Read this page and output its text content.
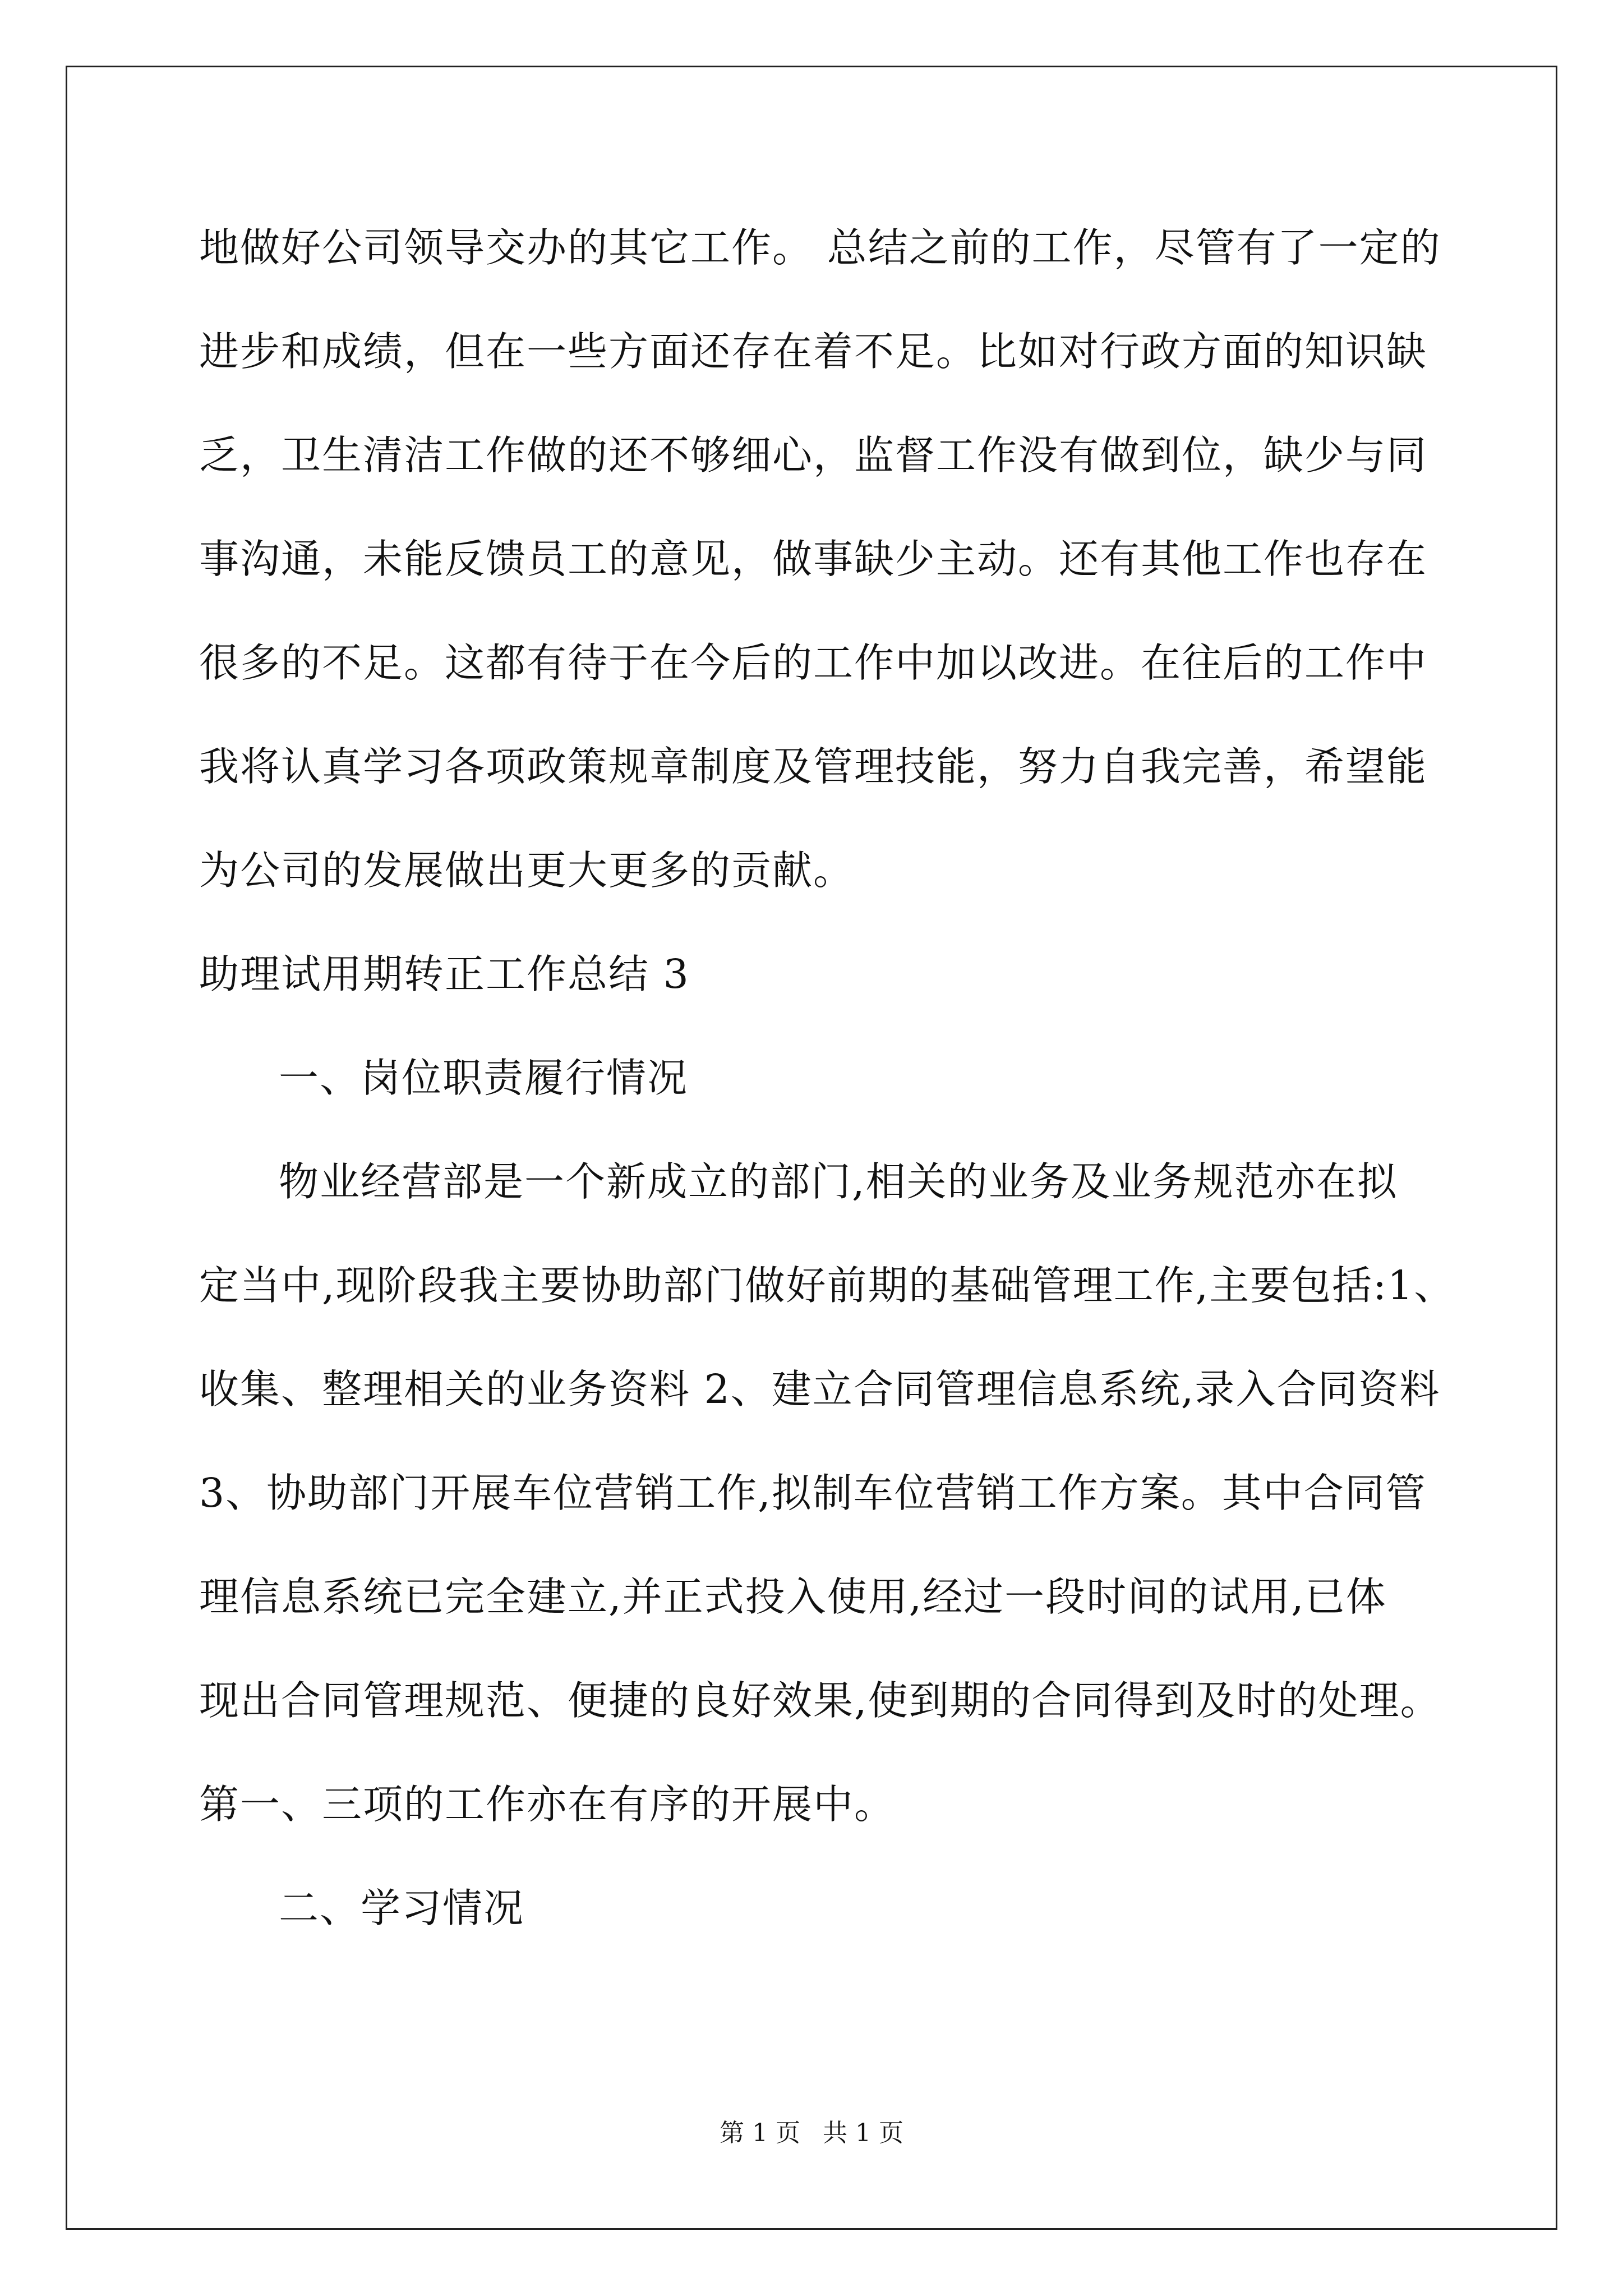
地做好公司领导交办的其它工作。 总结之前的工作，尽管有了一定的
进步和成绩，但在一些方面还存在着不足。比如对行政方面的知识缺
乏，卫生清洁工作做的还不够细心，监督工作没有做到位，缺少与同
事沟通，未能反馈员工的意见，做事缺少主动。还有其他工作也存在
很多的不足。这都有待于在今后的工作中加以改进。在往后的工作中
我将认真学习各项政策规章制度及管理技能，努力自我完善，希望能
为公司的发展做出更大更多的贡献。
助理试用期转正工作总结 3
一、岗位职责履行情况
物业经营部是一个新成立的部门,相关的业务及业务规范亦在拟
定当中,现阶段我主要协助部门做好前期的基础管理工作,主要包括:1、
收集、整理相关的业务资料 2、建立合同管理信息系统,录入合同资料
3、协助部门开展车位营销工作,拟制车位营销工作方案。其中合同管
理信息系统已完全建立,并正式投入使用,经过一段时间的试用,已体
现出合同管理规范、便捷的良好效果,使到期的合同得到及时的处理。
第一、三项的工作亦在有序的开展中。
二、学习情况
第 1 页 共 1 页
